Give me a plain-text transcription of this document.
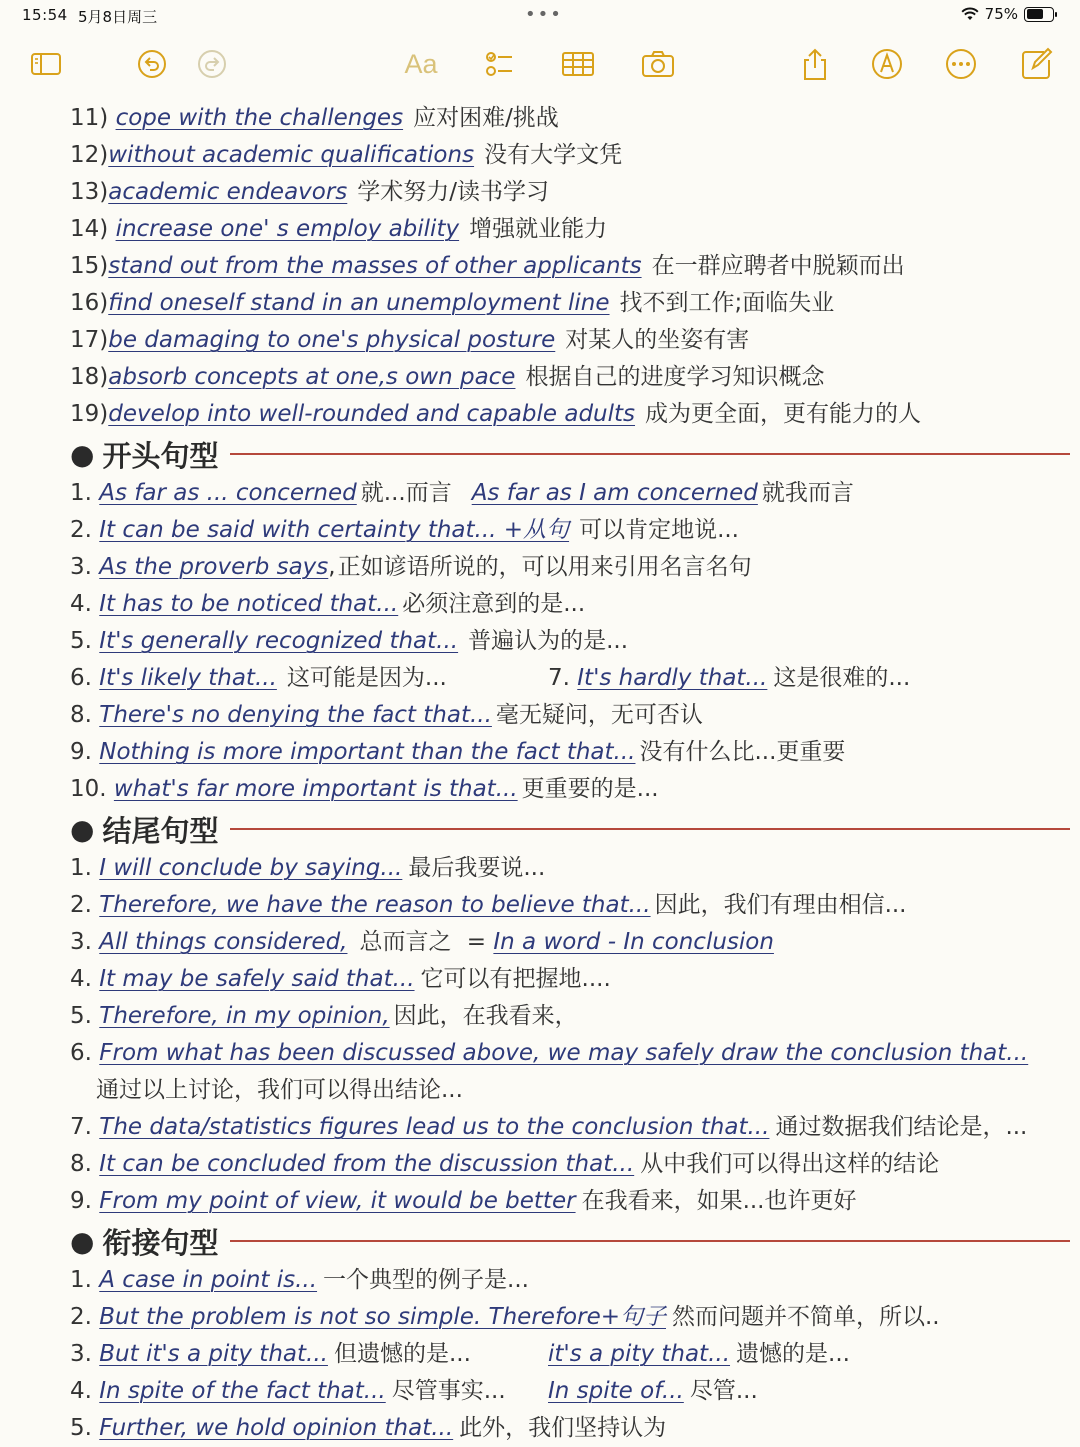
15:54 5月8日周三	•••	75%
Aa
11) cope with the challenges 应对困难/挑战
12)without academic qualifications 没有大学文凭
13)academic endeavors 学术努力/读书学习
14) increase one' s employ ability 增强就业能力
15)stand out from the masses of other applicants 在一群应聘者中脱颖而出
16)find oneself stand in an unemployment line 找不到工作;面临失业
17)be damaging to one's physical posture 对某人的坐姿有害
18)absorb concepts at one,s own pace 根据自己的进度学习知识概念
19)develop into well-rounded and capable adults 成为更全面，更有能力的人
● 开头句型
1. As far as ... concerned 就...而言 As far as I am concerned 就我而言
2. It can be said with certainty that... +从句 可以肯定地说...
3. As the proverb says,正如谚语所说的，可以用来引用名言名句
4. It has to be noticed that... 必须注意到的是...
5. It's generally recognized that... 普遍认为的是...
6. It's likely that... 这可能是因为...	7. It's hardly that... 这是很难的...
8. There's no denying the fact that... 毫无疑问，无可否认
9. Nothing is more important than the fact that... 没有什么比...更重要
10. what's far more important is that... 更重要的是...
● 结尾句型
1. I will conclude by saying... 最后我要说...
2. Therefore, we have the reason to believe that... 因此，我们有理由相信...
3. All things considered, 总而言之 = In a word - In conclusion
4. It may be safely said that... 它可以有把握地....
5. Therefore, in my opinion, 因此，在我看来，
6. From what has been discussed above, we may safely draw the conclusion that...
通过以上讨论，我们可以得出结论...
7. The data/statistics figures lead us to the conclusion that... 通过数据我们结论是，...
8. It can be concluded from the discussion that... 从中我们可以得出这样的结论
9. From my point of view, it would be better 在我看来，如果...也许更好
● 衔接句型
1. A case in point is... 一个典型的例子是...
2. But the problem is not so simple. Therefore+句子 然而问题并不简单，所以..
3. But it's a pity that... 但遗憾的是...	it's a pity that... 遗憾的是...
4. In spite of the fact that... 尽管事实... In spite of... 尽管...
5. Further, we hold opinion that... 此外，我们坚持认为
